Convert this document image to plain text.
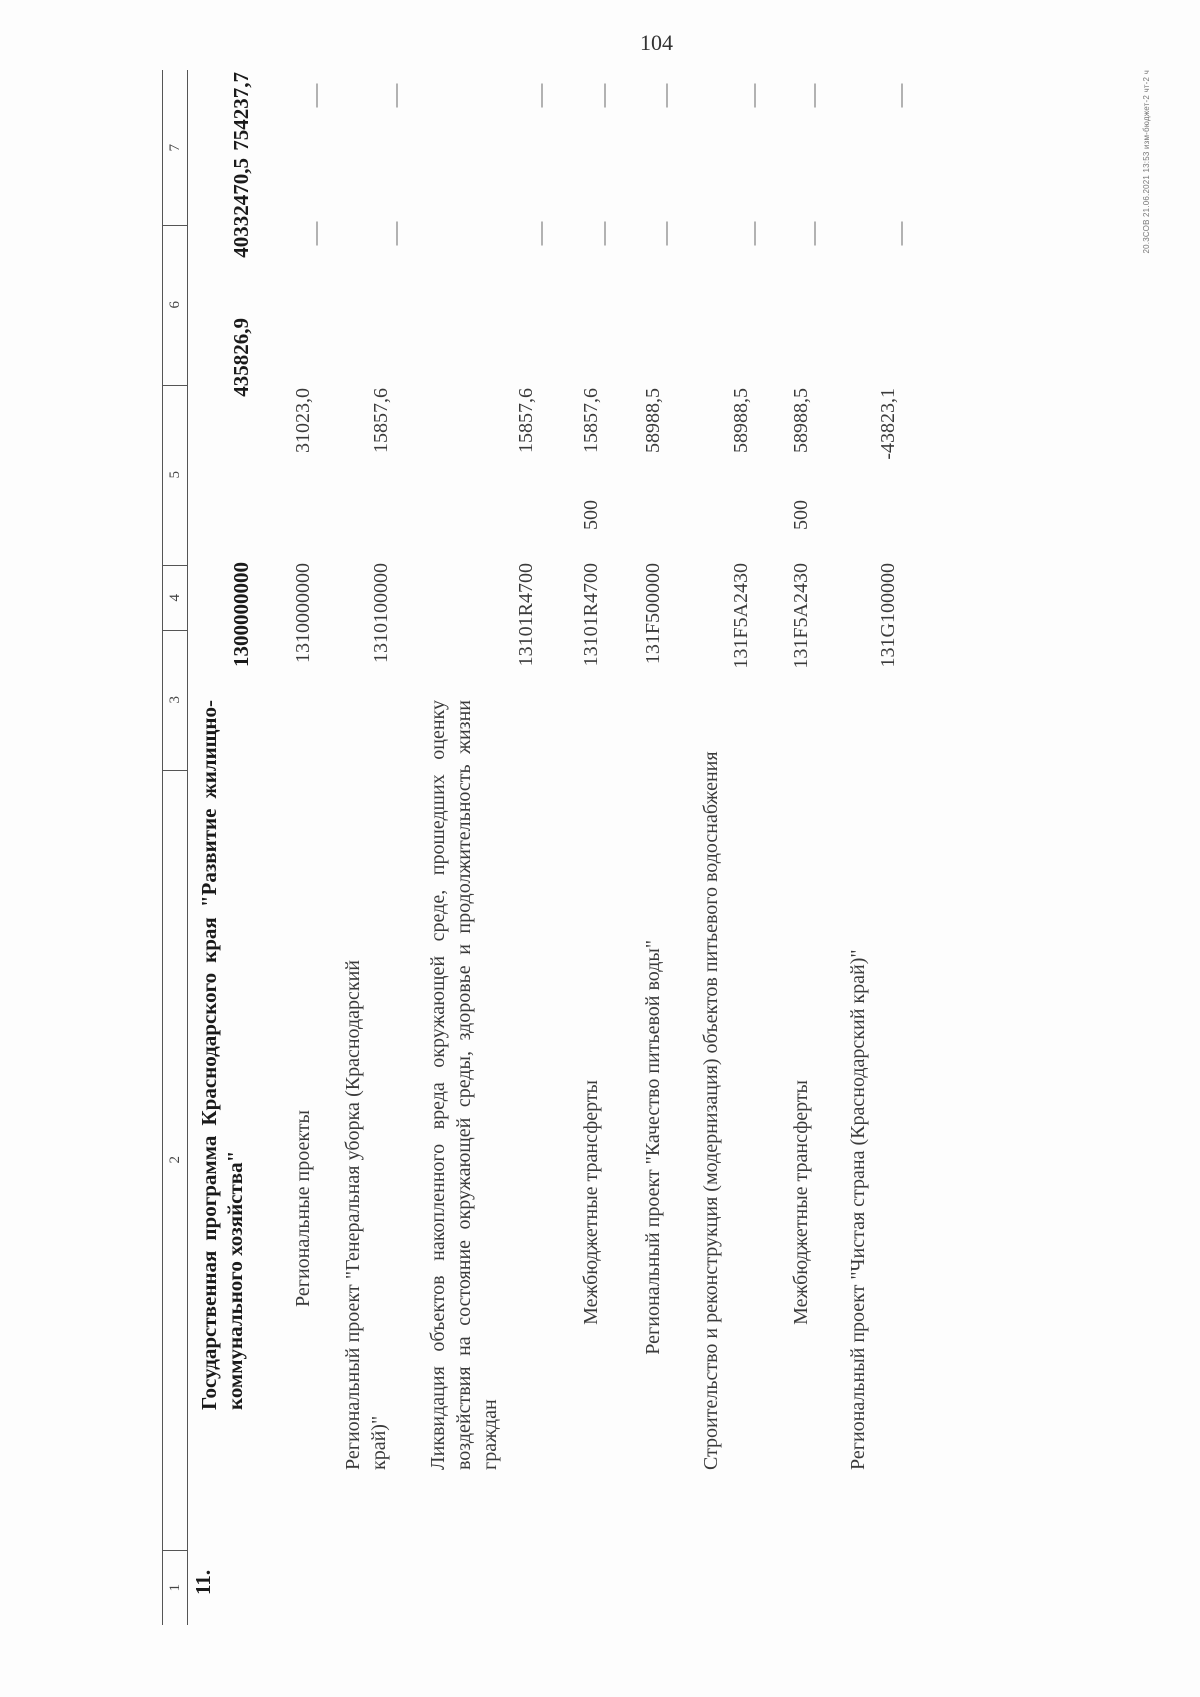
104
20.3СОВ 21.06.2021 13:53 изм-бюджет-2 чт-2 ч
1
2
3
4
5
6
7
11.
Государственная программа Краснодарского края "Развитие жилищно-коммунального хозяйства"
1300000000
435826,9
40332470,5
754237,7
Региональные проекты
1310000000
31023,0
Региональный проект "Генеральная уборка (Краснодарский край)"
1310100000
15857,6
Ликвидация объектов накопленного вреда окружающей среде, прошедших оценку воздействия на состояние окружающей среды, здоровье и продолжительность жизни граждан
13101R4700
15857,6
Межбюджетные трансферты
13101R4700
500
15857,6
Региональный проект "Качество питьевой воды"
131F500000
58988,5
Строительство и реконструкция (модернизация) объектов питьевого водоснабжения
131F5A2430
58988,5
Межбюджетные трансферты
131F5A2430
500
58988,5
Региональный проект "Чистая страна (Краснодарский край)"
131G100000
-43823,1
